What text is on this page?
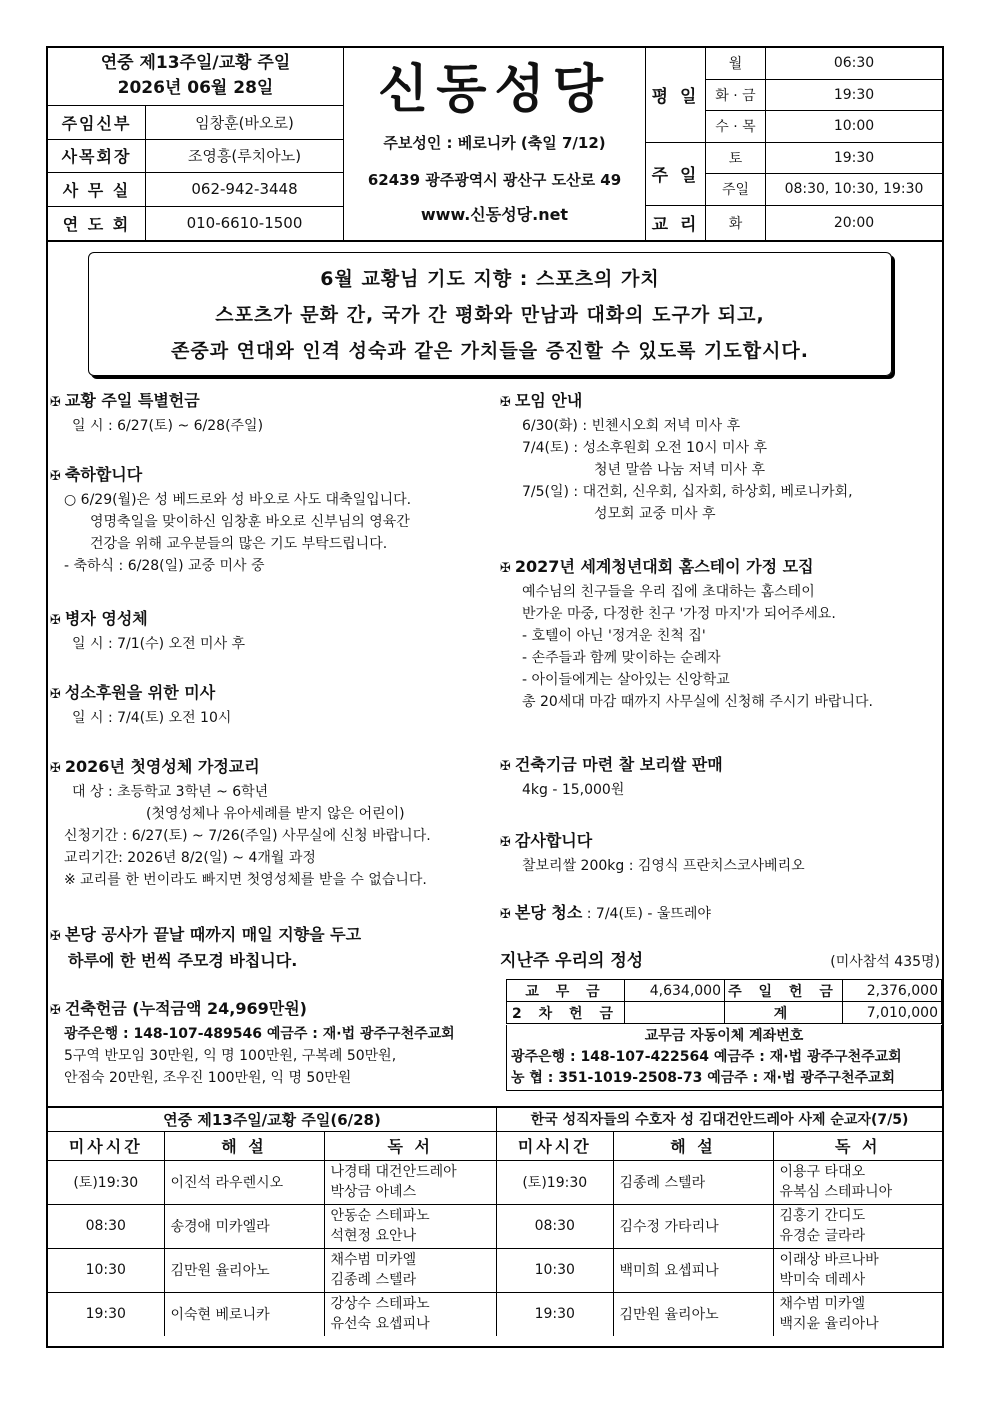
연중 제13주일/교황 주일
2026년 06월 28일
주임신부	임창훈(바오로)
사목회장	조영흥(루치아노)
사 무 실	062-942-3448
연 도 회	010-6610-1500
신동성당
주보성인 : 베로니카 (축일 7/12)
62439 광주광역시 광산구 도산로 49
www.신동성당.net
평 일
월	06:30
화 · 금	19:30
수 · 목	10:00
주 일
토	19:30
주일	08:30, 10:30, 19:30
교 리	화	20:00

6월 교황님 기도 지향 : 스포츠의 가치

스포츠가 문화 간, 국가 간 평화와 만남과 대화의 도구가 되고,

존중과 연대와 인격 성숙과 같은 가치들을 증진할 수 있도록 기도합시다.

✠ 교황 주일 특별헌금
일 시 : 6/27(토) ~ 6/28(주일)
✠ 축하합니다
○ 6/29(월)은 성 베드로와 성 바오로 사도 대축일입니다.
영명축일을 맞이하신 임창훈 바오로 신부님의 영육간
건강을 위해 교우분들의 많은 기도 부탁드립니다.
- 축하식 : 6/28(일) 교중 미사 중
✠ 병자 영성체
일 시 : 7/1(수) 오전 미사 후
✠ 성소후원을 위한 미사
일 시 : 7/4(토) 오전 10시
✠ 2026년 첫영성체 가정교리
대 상 : 초등학교 3학년 ~ 6학년
(첫영성체나 유아세례를 받지 않은 어린이)
신청기간 : 6/27(토) ~ 7/26(주일) 사무실에 신청 바랍니다.
교리기간: 2026년 8/2(일) ~ 4개월 과정
※ 교리를 한 번이라도 빠지면 첫영성체를 받을 수 없습니다.
✠ 본당 공사가 끝날 때까지 매일 지향을 두고
하루에 한 번씩 주모경 바칩니다.
✠ 건축헌금 (누적금액 24,969만원)
광주은행 : 148-107-489546 예금주 : 재·법 광주구천주교회
5구역 반모임 30만원, 익 명 100만원, 구복례 50만원,
안점숙 20만원, 조우진 100만원, 익 명 50만원
✠ 모임 안내
6/30(화) : 빈첸시오회 저녁 미사 후
7/4(토) : 성소후원회 오전 10시 미사 후
청년 말씀 나눔 저녁 미사 후
7/5(일) : 대건회, 신우회, 십자회, 하상회, 베로니카회,
성모회 교중 미사 후
✠ 2027년 세계청년대회 홈스테이 가정 모집
예수님의 친구들을 우리 집에 초대하는 홈스테이
반가운 마중, 다정한 친구 '가정 마지'가 되어주세요.
- 호텔이 아닌 '정겨운 친척 집'
- 손주들과 함께 맞이하는 순례자
- 아이들에게는 살아있는 신앙학교
총 20세대 마감 때까지 사무실에 신청해 주시기 바랍니다.
✠ 건축기금 마련 찰 보리쌀 판매
4kg - 15,000원
✠ 감사합니다
찰보리쌀 200kg : 김영식 프란치스코사베리오
✠ 본당 청소 : 7/4(토) - 울뜨레야
지난주 우리의 정성	(미사참석 435명)
교 무 금	4,634,000	주 일 헌 금	2,376,000
2 차 헌 금		계	7,010,000
교무금 자동이체 계좌번호
광주은행 : 148-107-422564 예금주 : 재·법 광주구천주교회
농 협 : 351-1019-2508-73 예금주 : 재·법 광주구천주교회
연중 제13주일/교황 주일(6/28)
미사시간	해 설	독 서
(토)19:30	이진석 라우렌시오	나경태 대건안드레아
박상금 아녜스

08:30	송경애 미카엘라	안동순 스테파노
석현정 요안나

10:30	김만원 율리아노	채수범 미카엘
김종례 스텔라

19:30	이숙현 베로니카	강상수 스테파노
유선숙 요셉피나
한국 성직자들의 수호자 성 김대건안드레아 사제 순교자(7/5)
미사시간	해 설	독 서
(토)19:30	김종례 스텔라	이용구 타대오
유복심 스테파니아

08:30	김수정 가타리나	김홍기 간디도
유경순 글라라

10:30	백미희 요셉피나	이래상 바르나바
박미숙 데레사

19:30	김만원 율리아노	채수범 미카엘
백지윤 율리아나
